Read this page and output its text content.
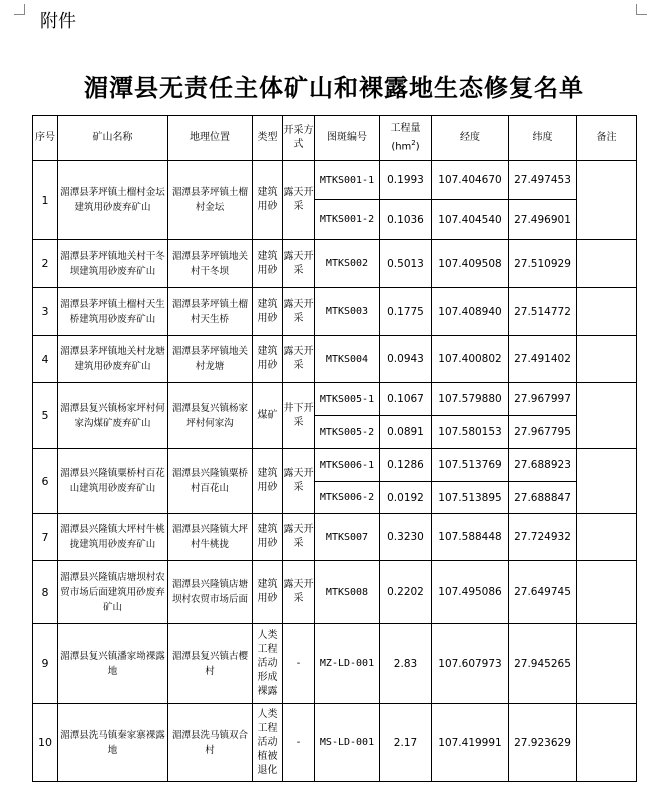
附件
湄潭县无责任主体矿山和裸露地生态修复名单
序号	矿山名称	地理位置	类型	开采方式	图斑编号	工程量$(hm^2)$	经度	纬度	备注
1	湄潭县茅坪镇土榴村金坛建筑用砂废弃矿山	湄潭县茅坪镇土榴村金坛	建筑用砂	露天开采	MTKS001-1	0.1993	107.404670	27.497453	
					MTKS001-2	0.1036	107.404540	27.496901	
2	湄潭县茅坪镇地关村干冬坝建筑用砂废弃矿山	湄潭县茅坪镇地关村干冬坝	建筑用砂	露天开采	MTKS002	0.5013	107.409508	27.510929	
3	湄潭县茅坪镇土榴村天生桥建筑用砂废弃矿山	湄潭县茅坪镇土榴村天生桥	建筑用砂	露天开采	MTKS003	0.1775	107.408940	27.514772	
4	湄潭县茅坪镇地关村龙塘建筑用砂废弃矿山	湄潭县茅坪镇地关村龙塘	建筑用砂	露天开采	MTKS004	0.0943	107.400802	27.491402	
5	湄潭县复兴镇杨家坪村何家沟煤矿废弃矿山	湄潭县复兴镇杨家坪村何家沟	煤矿	井下开采	MTKS005-1	0.1067	107.579880	27.967997	
					MTKS005-2	0.0891	107.580153	27.967795	
6	湄潭县兴隆镇粟桥村百花山建筑用砂废弃矿山	湄潭县兴隆镇粟桥村百花山	建筑用砂	露天开采	MTKS006-1	0.1286	107.513769	27.688923	
					MTKS006-2	0.0192	107.513895	27.688847	
7	湄潭县兴隆镇大坪村牛桃拢建筑用砂废弃矿山	湄潭县兴隆镇大坪村牛桃拢	建筑用砂	露天开采	MTKS007	0.3230	107.588448	27.724932	
8	湄潭县兴隆镇店塘坝村农贸市场后面建筑用砂废弃矿山	湄潭县兴隆镇店塘坝村农贸市场后面	建筑用砂	露天开采	MTKS008	0.2202	107.495086	27.649745	
9	湄潭县复兴镇潘家坳裸露地	湄潭县复兴镇古樱村	人类工程活动形成裸露	-	MZ-LD-001	2.83	107.607973	27.945265	
10	湄潭县洗马镇秦家寨裸露地	湄潭县洗马镇双合村	人类工程活动植被退化	-	MS-LD-001	2.17	107.419991	27.923629	
